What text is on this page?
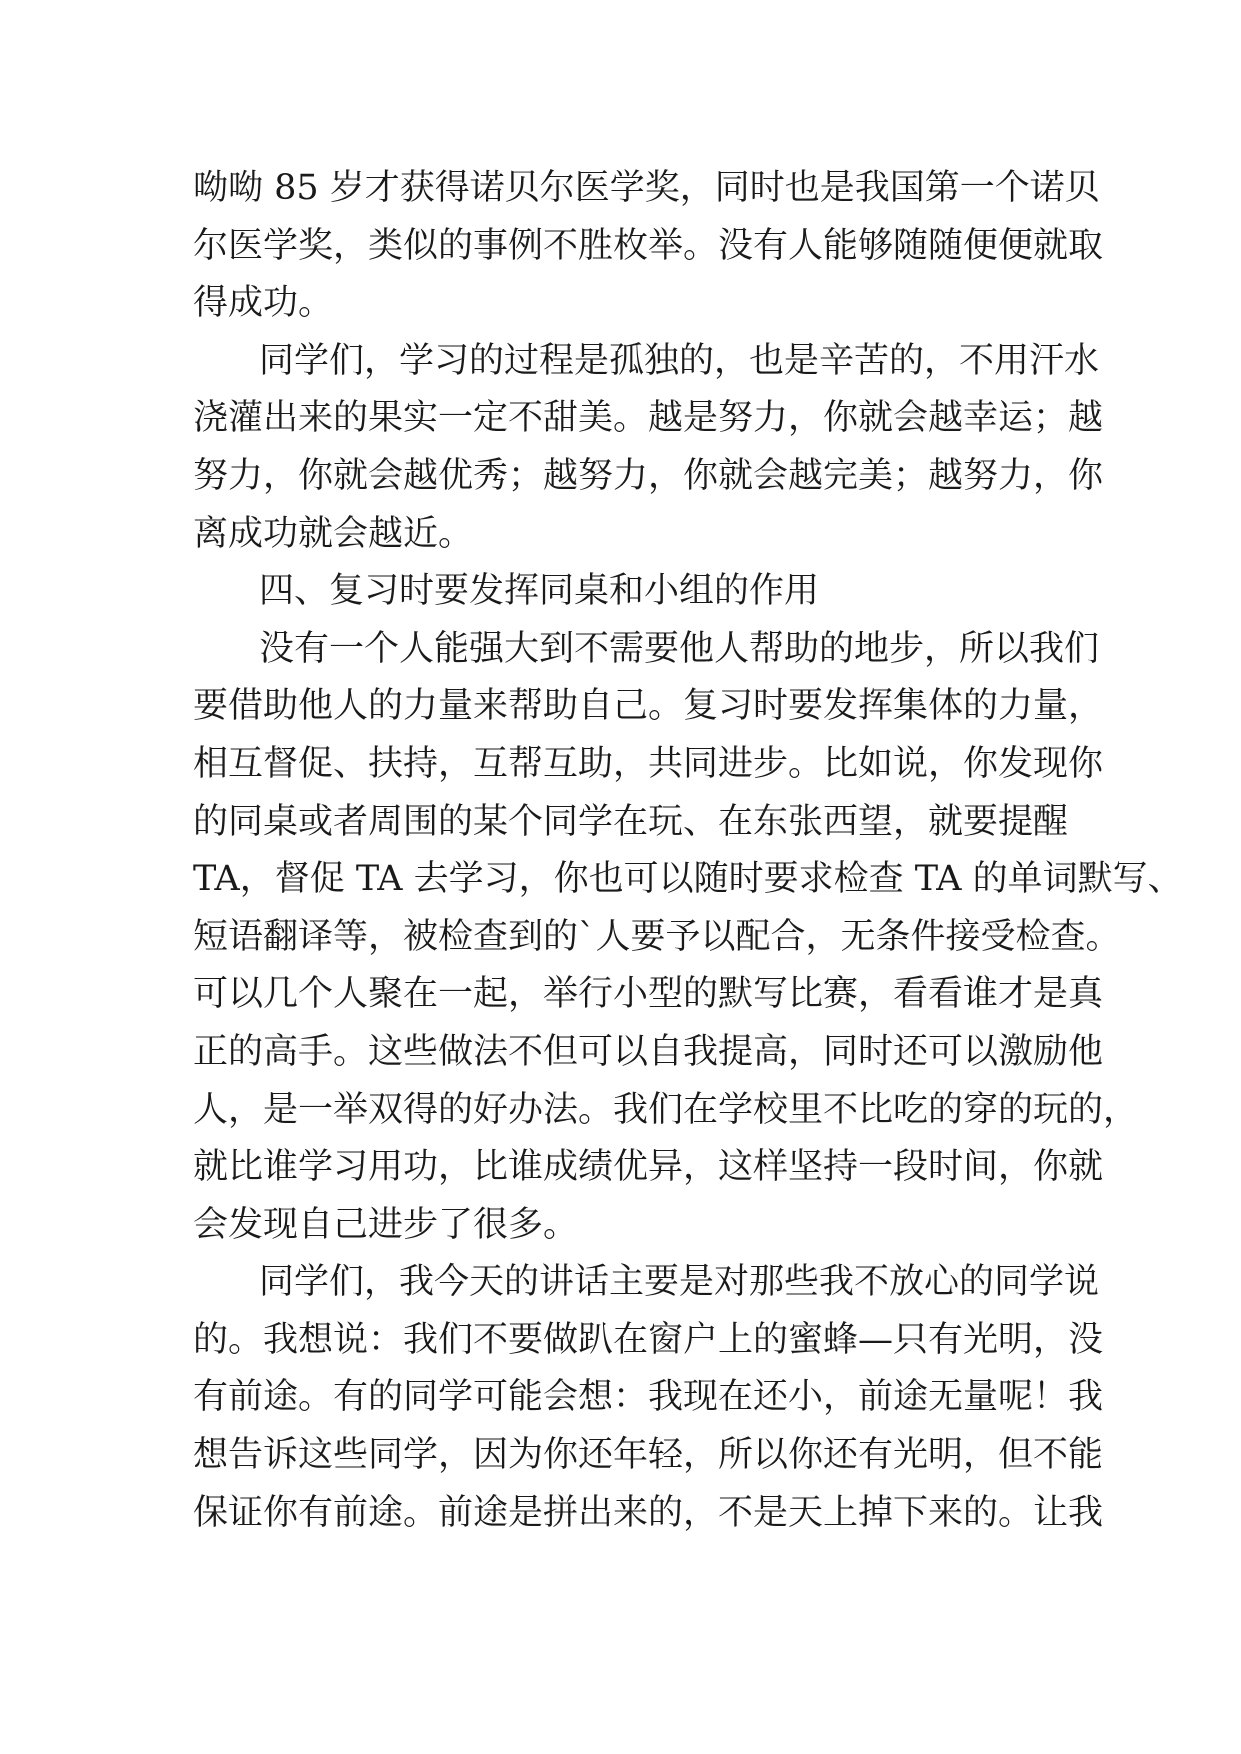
呦呦 85 岁才获得诺贝尔医学奖，同时也是我国第一个诺贝
尔医学奖，类似的事例不胜枚举。没有人能够随随便便就取
得成功。
同学们，学习的过程是孤独的，也是辛苦的，不用汗水
浇灌出来的果实一定不甜美。越是努力，你就会越幸运；越
努力，你就会越优秀；越努力，你就会越完美；越努力，你
离成功就会越近。
四、复习时要发挥同桌和小组的作用
没有一个人能强大到不需要他人帮助的地步，所以我们
要借助他人的力量来帮助自己。复习时要发挥集体的力量，
相互督促、扶持，互帮互助，共同进步。比如说，你发现你
的同桌或者周围的某个同学在玩、在东张西望，就要提醒
TA，督促 TA 去学习，你也可以随时要求检查 TA 的单词默写、
短语翻译等，被检查到的`人要予以配合，无条件接受检查。
可以几个人聚在一起，举行小型的默写比赛，看看谁才是真
正的高手。这些做法不但可以自我提高，同时还可以激励他
人，是一举双得的好办法。我们在学校里不比吃的穿的玩的，
就比谁学习用功，比谁成绩优异，这样坚持一段时间，你就
会发现自己进步了很多。
同学们，我今天的讲话主要是对那些我不放心的同学说
的。我想说：我们不要做趴在窗户上的蜜蜂—只有光明，没
有前途。有的同学可能会想：我现在还小，前途无量呢！我
想告诉这些同学，因为你还年轻，所以你还有光明，但不能
保证你有前途。前途是拼出来的，不是天上掉下来的。让我
